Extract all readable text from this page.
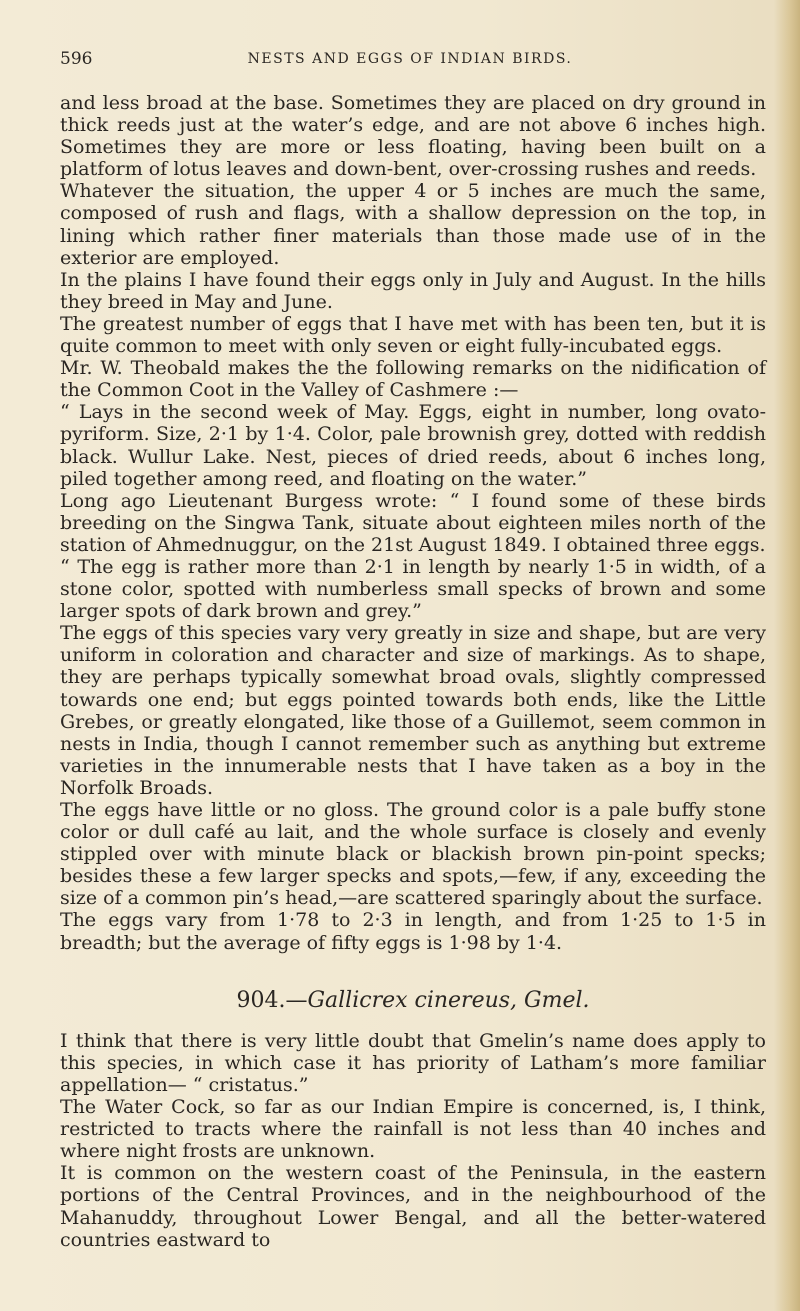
596	NESTS AND EGGS OF INDIAN BIRDS.

and less broad at the base. Sometimes they are placed on dry ground in thick reeds just at the water’s edge, and are not above 6 inches high. Sometimes they are more or less floating, having been built on a platform of lotus leaves and down-bent, over-crossing rushes and reeds.

Whatever the situation, the upper 4 or 5 inches are much the same, composed of rush and flags, with a shallow depression on the top, in lining which rather finer materials than those made use of in the exterior are employed.

In the plains I have found their eggs only in July and August. In the hills they breed in May and June.

The greatest number of eggs that I have met with has been ten, but it is quite common to meet with only seven or eight fully-incubated eggs.

Mr. W. Theobald makes the the following remarks on the nidification of the Common Coot in the Valley of Cashmere :—

“ Lays in the second week of May. Eggs, eight in number, long ovato-pyriform. Size, 2·1 by 1·4. Color, pale brownish grey, dotted with reddish black. Wullur Lake. Nest, pieces of dried reeds, about 6 inches long, piled together among reed, and floating on the water.”

Long ago Lieutenant Burgess wrote: “ I found some of these birds breeding on the Singwa Tank, situate about eighteen miles north of the station of Ahmednuggur, on the 21st August 1849. I obtained three eggs.

“ The egg is rather more than 2·1 in length by nearly 1·5 in width, of a stone color, spotted with numberless small specks of brown and some larger spots of dark brown and grey.”

The eggs of this species vary very greatly in size and shape, but are very uniform in coloration and character and size of markings. As to shape, they are perhaps typically somewhat broad ovals, slightly compressed towards one end; but eggs pointed towards both ends, like the Little Grebes, or greatly elongated, like those of a Guillemot, seem common in nests in India, though I cannot remember such as anything but extreme varieties in the innumerable nests that I have taken as a boy in the Norfolk Broads.

The eggs have little or no gloss. The ground color is a pale buffy stone color or dull café au lait, and the whole surface is closely and evenly stippled over with minute black or blackish brown pin-point specks; besides these a few larger specks and spots,—few, if any, exceeding the size of a common pin’s head,—are scattered sparingly about the surface.

The eggs vary from 1·78 to 2·3 in length, and from 1·25 to 1·5 in breadth; but the average of fifty eggs is 1·98 by 1·4.

904.—Gallicrex cinereus, Gmel.

I think that there is very little doubt that Gmelin’s name does apply to this species, in which case it has priority of Latham’s more familiar appellation— “ cristatus.”

The Water Cock, so far as our Indian Empire is concerned, is, I think, restricted to tracts where the rainfall is not less than 40 inches and where night frosts are unknown.

It is common on the western coast of the Peninsula, in the eastern portions of the Central Provinces, and in the neighbourhood of the Mahanuddy, throughout Lower Bengal, and all the better-watered countries eastward to
